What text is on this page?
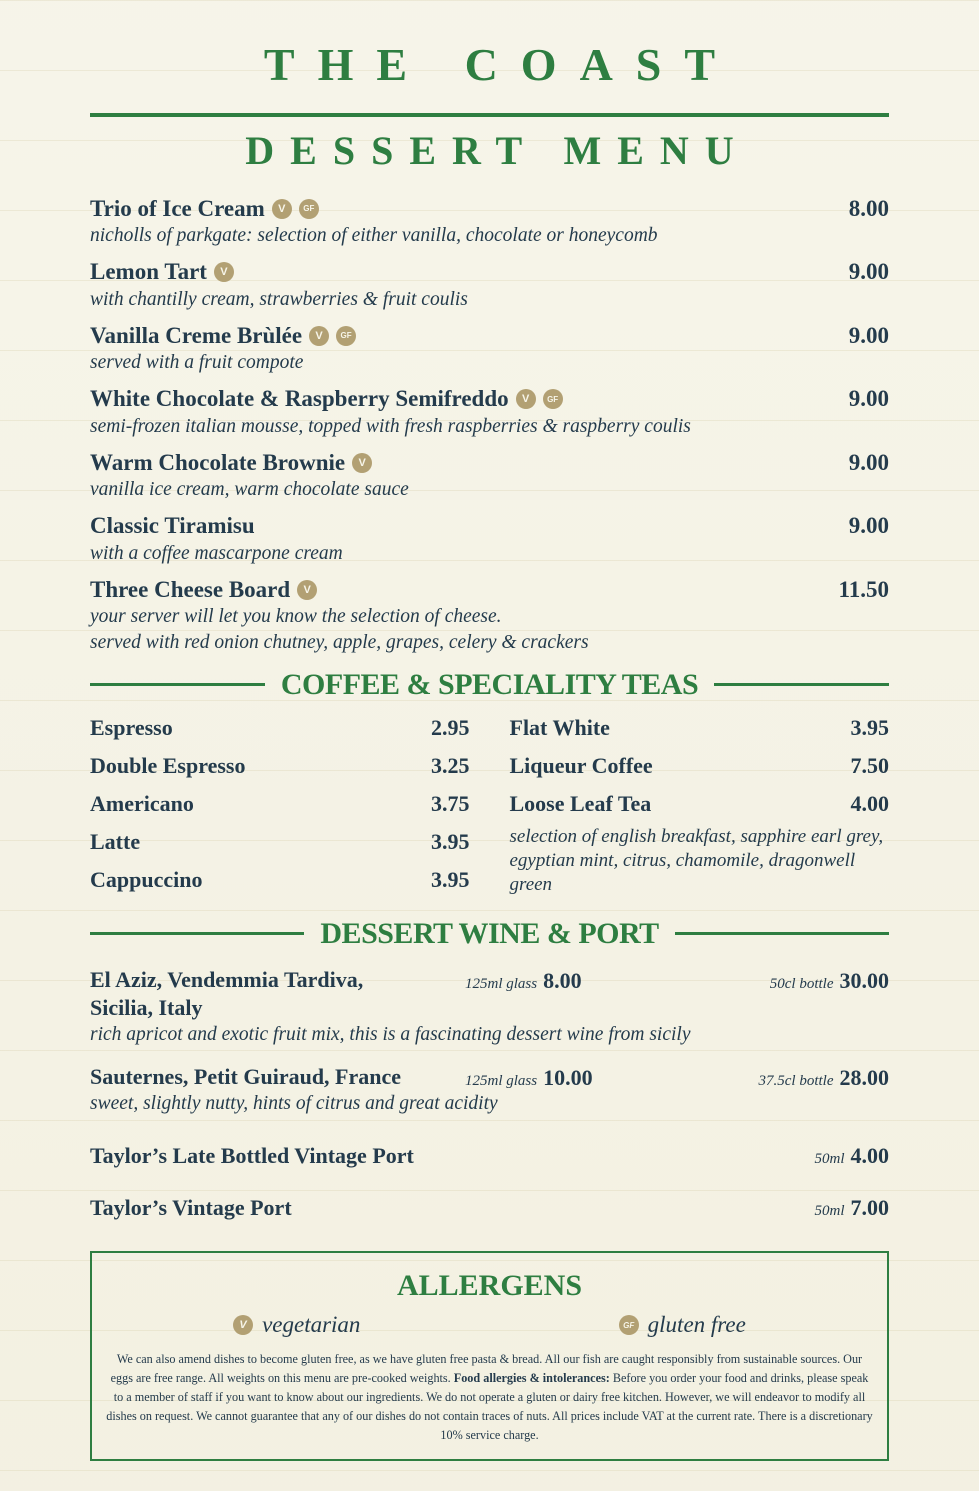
THE COAST
DESSERT MENU
Trio of Ice Cream	V	GF	8.00
nicholls of parkgate: selection of either vanilla, chocolate or honeycomb
Lemon Tart	V	9.00
with chantilly cream, strawberries & fruit coulis
Vanilla Creme Brùlée	V	GF	9.00
served with a fruit compote
White Chocolate & Raspberry Semifreddo	V	GF	9.00
semi-frozen italian mousse, topped with fresh raspberries & raspberry coulis
Warm Chocolate Brownie	V	9.00
vanilla ice cream, warm chocolate sauce
Classic Tiramisu	9.00
with a coffee mascarpone cream
Three Cheese Board	V	11.50
your server will let you know the selection of cheese.
served with red onion chutney, apple, grapes, celery & crackers
COFFEE & SPECIALITY TEAS
Espresso	2.95
Double Espresso	3.25
Americano	3.75
Latte	3.95
Cappuccino	3.95
Flat White	3.95
Liqueur Coffee	7.50
Loose Leaf Tea	4.00
selection of english breakfast, sapphire earl grey, egyptian mint, citrus, chamomile, dragonwell green
DESSERT WINE & PORT
El Aziz, Vendemmia Tardiva,
Sicilia, Italy
125ml glass 8.00	50cl bottle 30.00
rich apricot and exotic fruit mix, this is a fascinating dessert wine from sicily
Sauternes, Petit Guiraud, France	125ml glass 10.00	37.5cl bottle 28.00
sweet, slightly nutty, hints of citrus and great acidity
Taylor’s Late Bottled Vintage Port	50ml 4.00
Taylor’s Vintage Port	50ml 7.00
ALLERGENS
V vegetarian	GF gluten free

We can also amend dishes to become gluten free, as we have gluten free pasta & bread. All our fish are caught responsibly from sustainable sources. Our eggs are free range. All weights on this menu are pre-cooked weights. Food allergies & intolerances: Before you order your food and drinks, please speak to a member of staff if you want to know about our ingredients. We do not operate a gluten or dairy free kitchen. However, we will endeavor to modify all dishes on request. We cannot guarantee that any of our dishes do not contain traces of nuts. All prices include VAT at the current rate. There is a discretionary 10% service charge.
